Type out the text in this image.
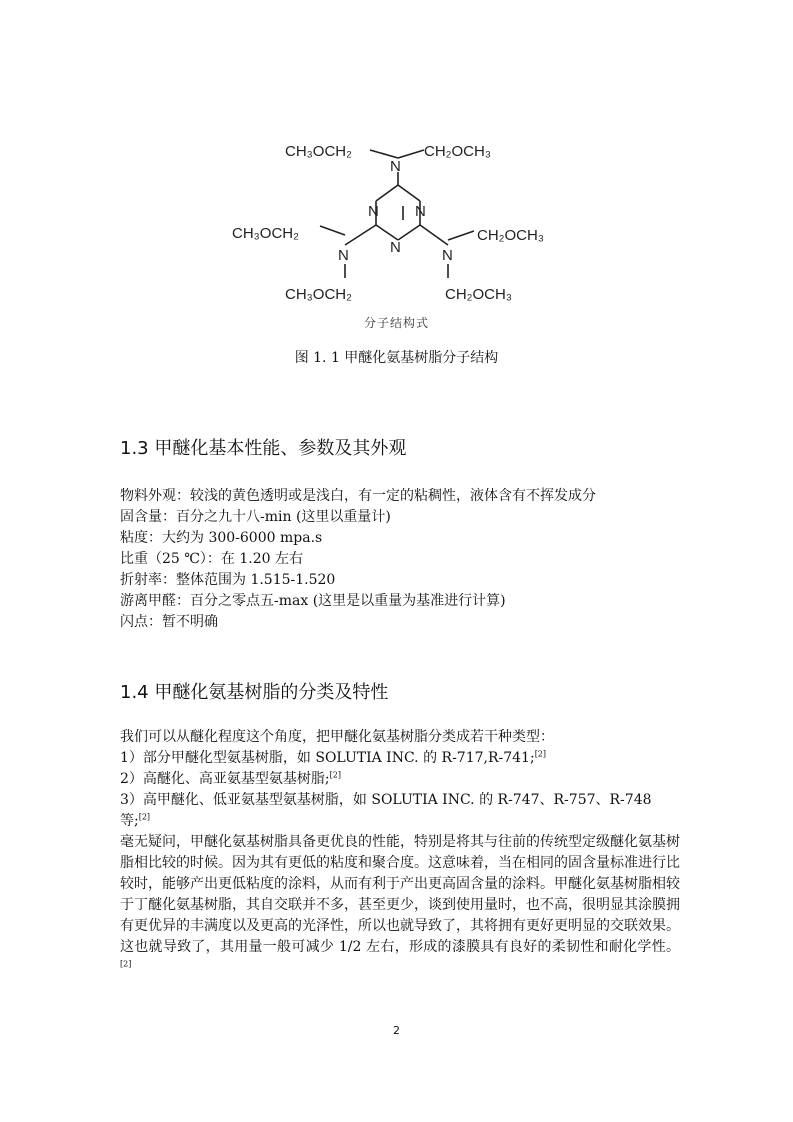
CH₃OCH₂	CH₂OCH₃
N
N N
N
CH₃OCH₂	CH₂OCH₃
N	N
CH₃OCH₂	CH₂OCH₃
分子结构式
图 1. 1 甲醚化氨基树脂分子结构
1.3 甲醚化基本性能、参数及其外观
物料外观：较浅的黄色透明或是浅白，有一定的粘稠性，液体含有不挥发成分
固含量：百分之九十八-min (这里以重量计)
粘度：大约为 300-6000 mpa.s
比重（25 ℃）：在 1.20 左右
折射率：整体范围为 1.515-1.520
游离甲醛：百分之零点五-max (这里是以重量为基准进行计算)
闪点：暂不明确
1.4 甲醚化氨基树脂的分类及特性
我们可以从醚化程度这个角度，把甲醚化氨基树脂分类成若干种类型：
1）部分甲醚化型氨基树脂，如 SOLUTIA INC. 的 R-717,R-741;[2]
2）高醚化、高亚氨基型氨基树脂;[2]
3）高甲醚化、低亚氨基型氨基树脂，如 SOLUTIA INC. 的 R-747、R-757、R-748
等;[2]
毫无疑问，甲醚化氨基树脂具备更优良的性能，特别是将其与往前的传统型定级醚化氨基树脂相比较的时候。因为其有更低的粘度和聚合度。这意味着，当在相同的固含量标准进行比较时，能够产出更低粘度的涂料，从而有利于产出更高固含量的涂料。甲醚化氨基树脂相较于丁醚化氨基树脂，其自交联并不多，甚至更少，谈到使用量时，也不高，很明显其涂膜拥有更优异的丰满度以及更高的光泽性，所以也就导致了，其将拥有更好更明显的交联效果。这也就导致了，其用量一般可减少 1/2 左右，形成的漆膜具有良好的柔韧性和耐化学性。[2]
2
